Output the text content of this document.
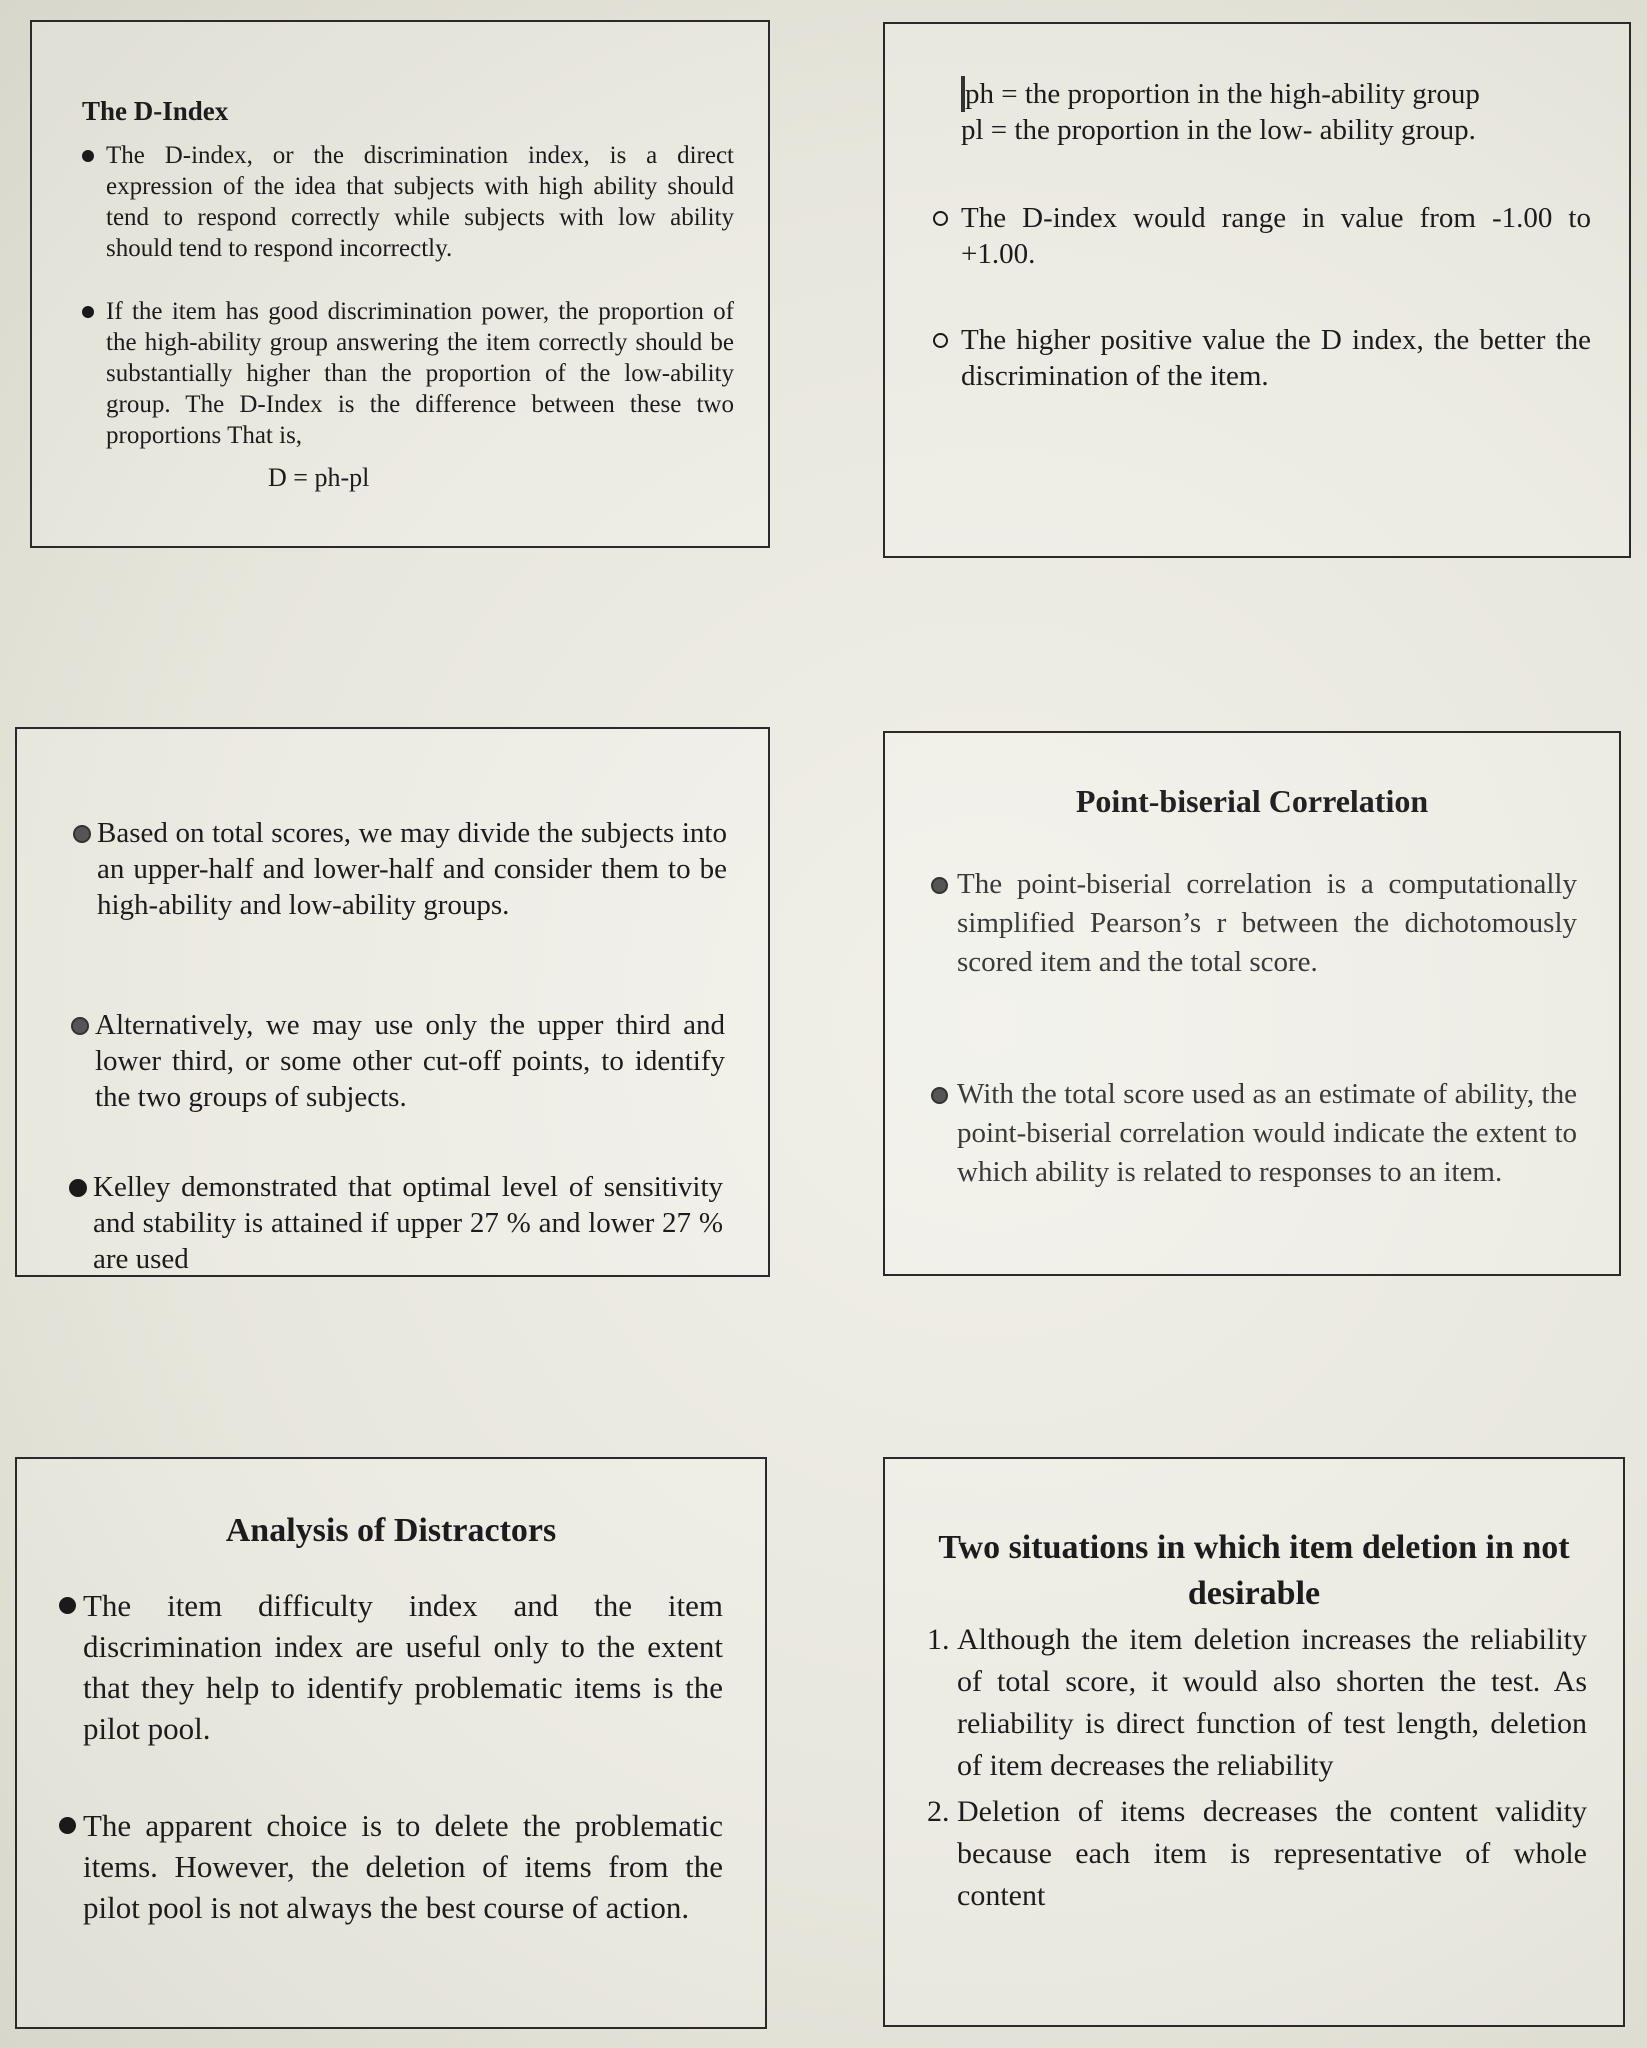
The D-Index

The D-index, or the discrimination index, is a direct expression of the idea that subjects with high ability should tend to respond correctly while subjects with low ability should tend to respond incorrectly.

If the item has good discrimination power, the proportion of the high-ability group answering the item correctly should be substantially higher than the proportion of the low-ability group. The D-Index is the difference between these two proportions That is,

D = ph-pl
ph = the proportion in the high-ability group
pl = the proportion in the low- ability group.

The D-index would range in value from -1.00 to +1.00.

The higher positive value the D index, the better the discrimination of the item.

Based on total scores, we may divide the subjects into an upper-half and lower-half and consider them to be high-ability and low-ability groups.

Alternatively, we may use only the upper third and lower third, or some other cut-off points, to identify the two groups of subjects.

Kelley demonstrated that optimal level of sensitivity and stability is attained if upper 27 % and lower 27 % are used

Point-biserial Correlation

The point-biserial correlation is a computationally simplified Pearson’s r between the dichotomously scored item and the total score.

With the total score used as an estimate of ability, the point-biserial correlation would indicate the extent to which ability is related to responses to an item.

Analysis of Distractors

The item difficulty index and the item discrimination index are useful only to the extent that they help to identify problematic items is the pilot pool.

The apparent choice is to delete the problematic items. However, the deletion of items from the pilot pool is not always the best course of action.

Two situations in which item deletion in not desirable
1. Although the item deletion increases the reliability of total score, it would also shorten the test. As reliability is direct function of test length, deletion of item decreases the reliability
2. Deletion of items decreases the content validity because each item is representative of whole content
